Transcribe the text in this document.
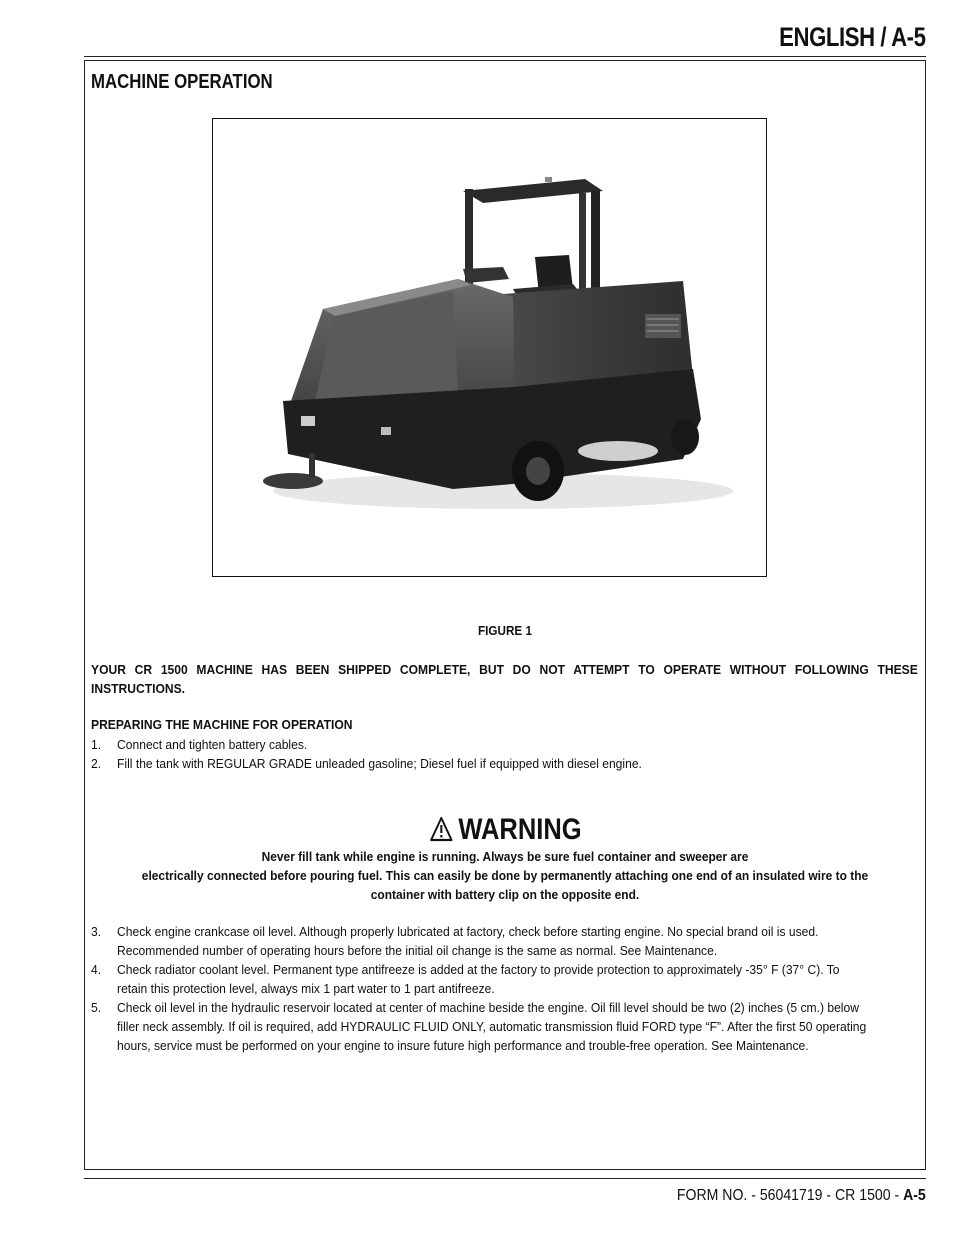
ENGLISH / A-5
MACHINE OPERATION
FIGURE 1
YOUR CR 1500 MACHINE HAS BEEN SHIPPED COMPLETE, BUT DO NOT ATTEMPT TO OPERATE WITHOUT FOLLOWING THESE INSTRUCTIONS.
PREPARING THE MACHINE FOR OPERATION
1. Connect and tighten battery cables.
2. Fill the tank with REGULAR GRADE unleaded gasoline; Diesel fuel if equipped with diesel engine.
WARNING
Never fill tank while engine is running. Always be sure fuel container and sweeper are
electrically connected before pouring fuel. This can easily be done by permanently attaching one end of an insulated wire to the
container with battery clip on the opposite end.
3. Check engine crankcase oil level. Although properly lubricated at factory, check before starting engine. No special brand oil is used.
Recommended number of operating hours before the initial oil change is the same as normal. See Maintenance.
4. Check radiator coolant level. Permanent type antifreeze is added at the factory to provide protection to approximately -35° F (37° C). To
retain this protection level, always mix 1 part water to 1 part antifreeze.
5. Check oil level in the hydraulic reservoir located at center of machine beside the engine. Oil fill level should be two (2) inches (5 cm.) below
filler neck assembly. If oil is required, add HYDRAULIC FLUID ONLY, automatic transmission fluid FORD type “F”. After the first 50 operating
hours, service must be performed on your engine to insure future high performance and trouble-free operation. See Maintenance.
FORM NO. - 56041719 - CR 1500 - A-5
